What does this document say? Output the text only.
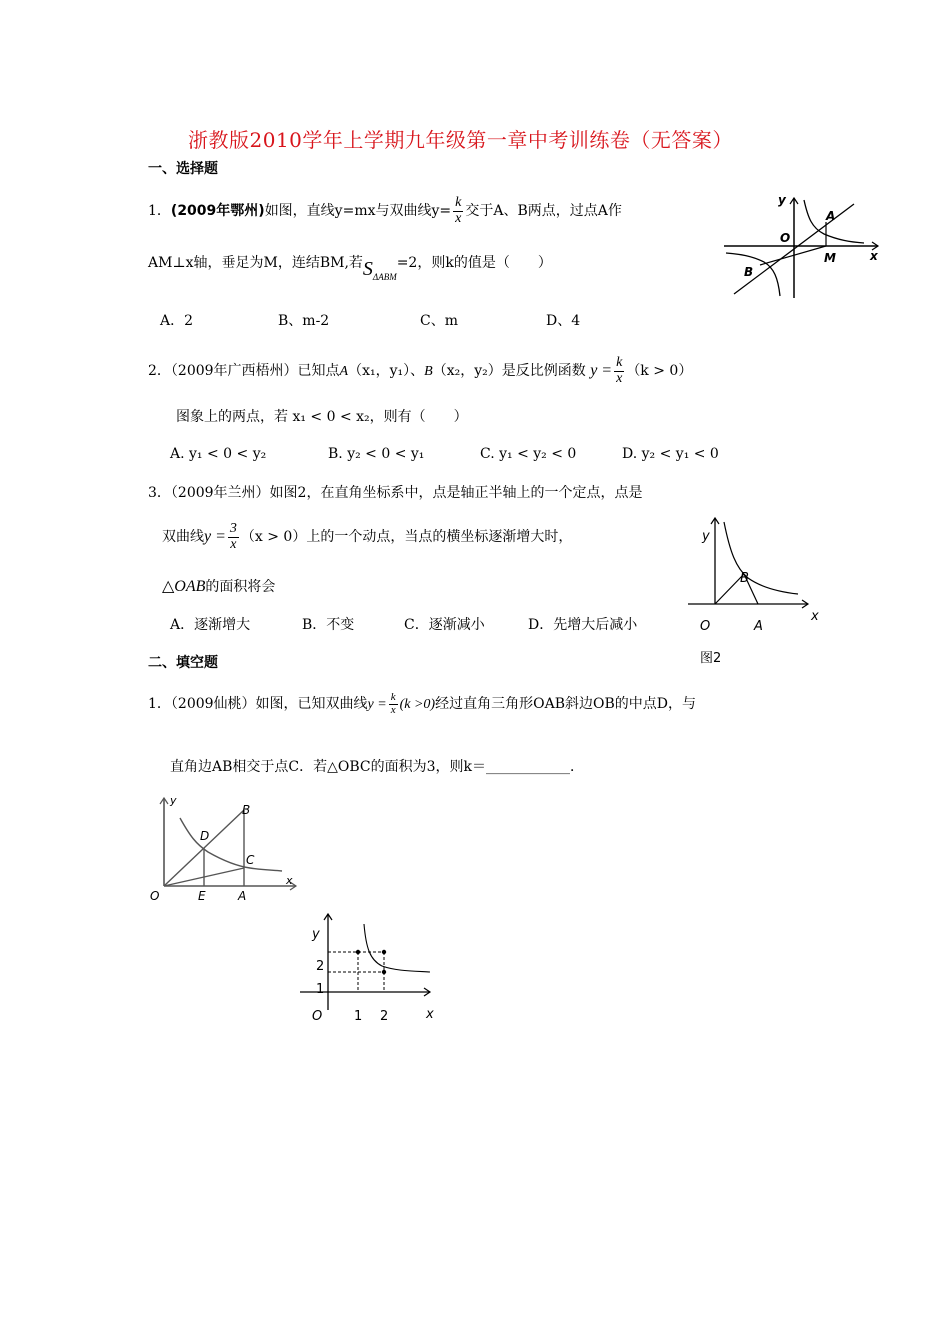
浙教版2010学年上学期九年级第一章中考训练卷（无答案）
一、选择题
1．(2009年鄂州)如图，直线y=mx与双曲线$y= \frac{k}{x}$ 交于A、B两点，过点A作
AM⊥x轴，垂足为M，连结BM,若$S_{\Delta ABM}=2$，则k的值是（　　）
A．2	B、m-2	C、m	D、4
y
x
O
A
B
M
2．（2009年广西梧州）已知点A（x₁，y₁）、B（x₂，y₂）是反比例函数 $y = \frac{k}{x} (k > 0)$
图象上的两点，若 x₁ < 0 < x₂，则有（　　）
A. y₁ < 0 < y₂	B. y₂ < 0 < y₁	C. y₁ < y₂ < 0	D. y₂ < y₁ < 0
3．（2009年兰州）如图2，在直角坐标系中，点是轴正半轴上的一个定点，点是
双曲线$y = \frac{3}{x} (x > 0)$上的一个动点，当点的横坐标逐渐增大时，
△OAB的面积将会
A．逐渐增大	B．不变	C．逐渐减小	D．先增大后减小
y
x
O	A
B
图2
二、填空题
1．（2009仙桃）如图，已知双曲线$y = \frac{k}{x} (k >0)$经过直角三角形OAB斜边OB的中点D，与
直角边AB相交于点C．若△OBC的面积为3，则k＝____________．
y
x
O	E	A
B
C
D
y
x
O 1 2
2
1
